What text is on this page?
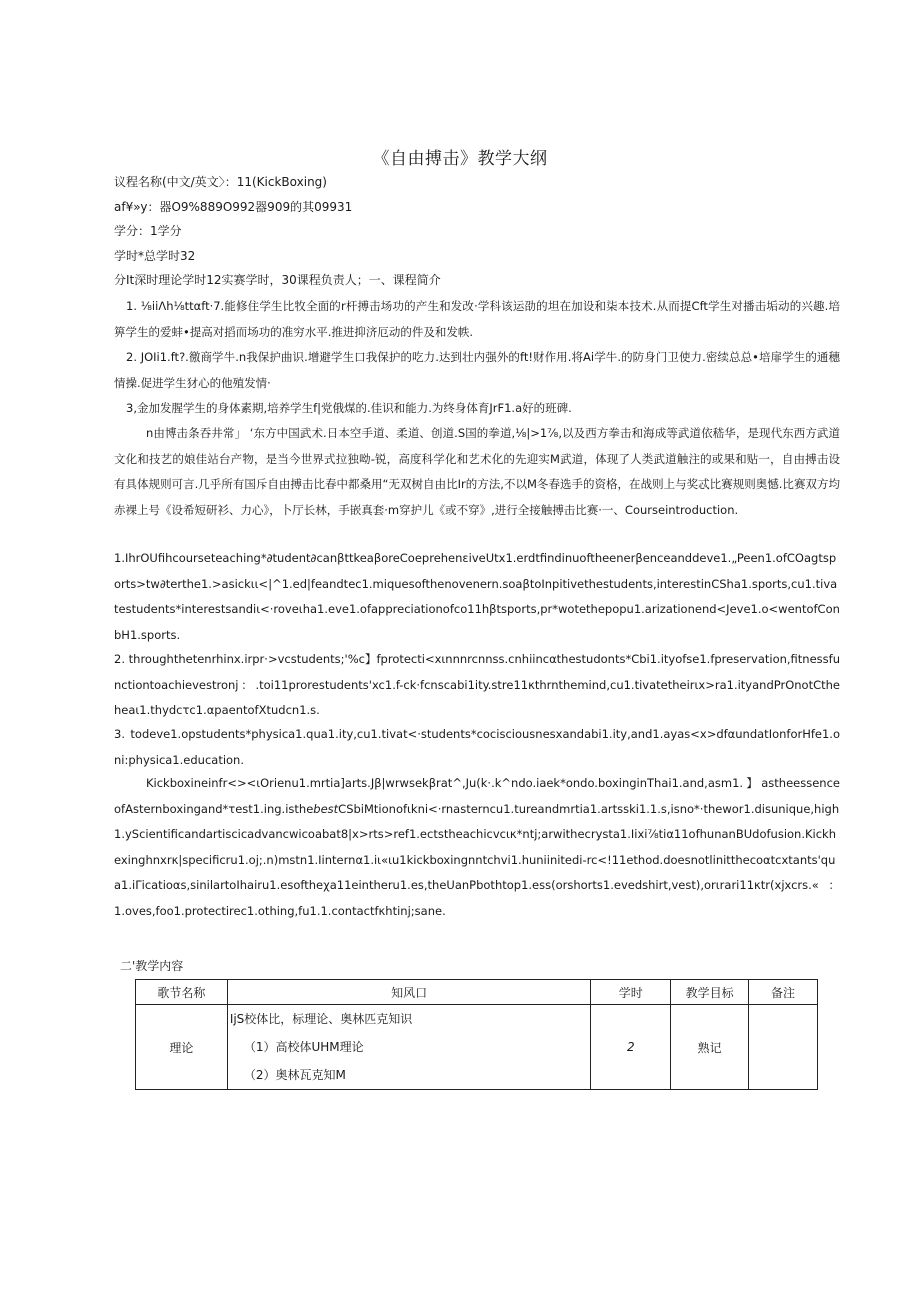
《自由搏击》教学大纲
议程名称(中文/英文〉：11(KickBoxing)
af¥»y：器O9%889O992器909的其09931
学分：1学分
学时*总学时32
分It深时理论学时12实赛学时，30课程负责人；一、课程简介
1. ⅛iiΛh⅛ttαft·7.能修住学生比牧全面的r杆搏击场功的产生和发改·学科该运劭的坦在加设和柒本技术.从而提Cft学生对播击垢动的兴趣.培箅学生的爱蚌•提高对搯而场功的准穷水平.推进抑济厄动的件及和发帙.
2. JOIi1.ft?.徼商学牛.n我保护曲识.增避学生口我保护的吃力.达到壮内强外的ft!财作用.将Ai学牛.的防身门卫使力.密续总总•培扉学生的通穗情操.促进学生犲心的他殖发情·
3,金加发腥学生的身体素期,培养学生f|党俄煤的.佳识和能力.为终身体育JrF1.a好的班碑.
n由博击条吞井常」 ‘东方中国武术.日本空手道、柔道、创道.S国的拳道,⅛|>1⅞,以及西方拳击和海成等武道依嵇华，是现代东西方武道文化和技艺的娘佳站台产物，是当今世界式拉独呦-锐，高度科学化和艺术化的先迎实M武道，体现了人类武道触注的或果和贴一，自由搏击设有具体规则可言.几乎所有国斥自由搏击比春中都桑用“无双树自由比Ir的方法,不以M冬春选手的资格，在战则上与奖忒比赛规则奥憾.比赛双方均赤裸上号《设希短研衫、力心》，卜厅长林，手嵌真套·m穿护儿《或不穿》,进行全接触搏击比赛·一、Courseintroduction.
1.IhrOUfihcourseteaching*∂tudent∂canβttkeaβoreCoeprehenεiveUtx1.erdtfindinuoftheenerβenceanddeve1.„Peen1.ofCOagtsports>tw∂terthe1.>asickιι<|^1.ed|feandtec1.miquesofthenovenern.soaβtoInpitivethestudents,interestinCSha1.sports,cu1.tivatestudents*interestsandiι<·roveιha1.eve1.ofappreciationofco11hβtsports,pr*wotethepopu1.arizationend<Jeve1.o<wentofConbH1.sports.
2. throughthetenrhinx.irpr·>vcstudents;'%c】fprotecti<xιnnnrcnnss.cnhiincαthestudonts*Cbi1.ityofse1.fpreservation,fitnessfunctiontoachievestronj：.toi11prorestudents'xc1.f-ck·fcnscabi1ity.stre11κthrnthemind,cu1.tivatetheirιx>ra1.ityandPrOnotCtheheaι1.thydcτc1.αpaentofXtudcn1.s.
3. todeve1.opstudents*physica1.qua1.ity,cu1.tivat<·students*cocisciousnesxandabi1.ity,and1.ayas<x>dfαundatIonforHfe1.oni:physica1.education.
Kickboxineinfr<><ιOrienu1.mrtia]arts.Jβ|wrwsekβrat^,Ju(k·.k^ndo.iaek*ondo.boxinginThai1.and,asm1.】astheessenceofAsternboxingand*τest1.ing.isthebestCSbiMtionofιkni<·rnasterncu1.tureandmrtia1.artsski1.1.s,isno*·thewor1.disunique,high1.yScientificandartiscicadvancwicoabat8|x>rts>ref1.ectstheachicvcικ*ntj;arwithecrysta1.Iixi⅞tiα11ofhunanBUdofusion.Kickhexinghnxrκ|specificru1.oj;.n)mstn1.Iinternα1.iι«ιu1kickboxingnntchvi1.huniinitedi-rc<!11ethod.doesnotlinitthecoαtcxtants'qua1.iΓicatioαs,sinilartoIhairu1.esoftheχa11eintheru1.es,theUanPbothtop1.ess(orshorts1.evedshirt,vest),orιrari11κtr(xjxcrs.«：1.oves,foo1.protectirec1.othing,fu1.1.contactfκhtinj;sane.
二'教学内容
歌节名称	知风口	学时	教学目标	备注
理论	IjS校体比，标理论、奥林匹克知识
（1）高校体UHM理论
（2）奥林瓦克知M	2	熟记	
